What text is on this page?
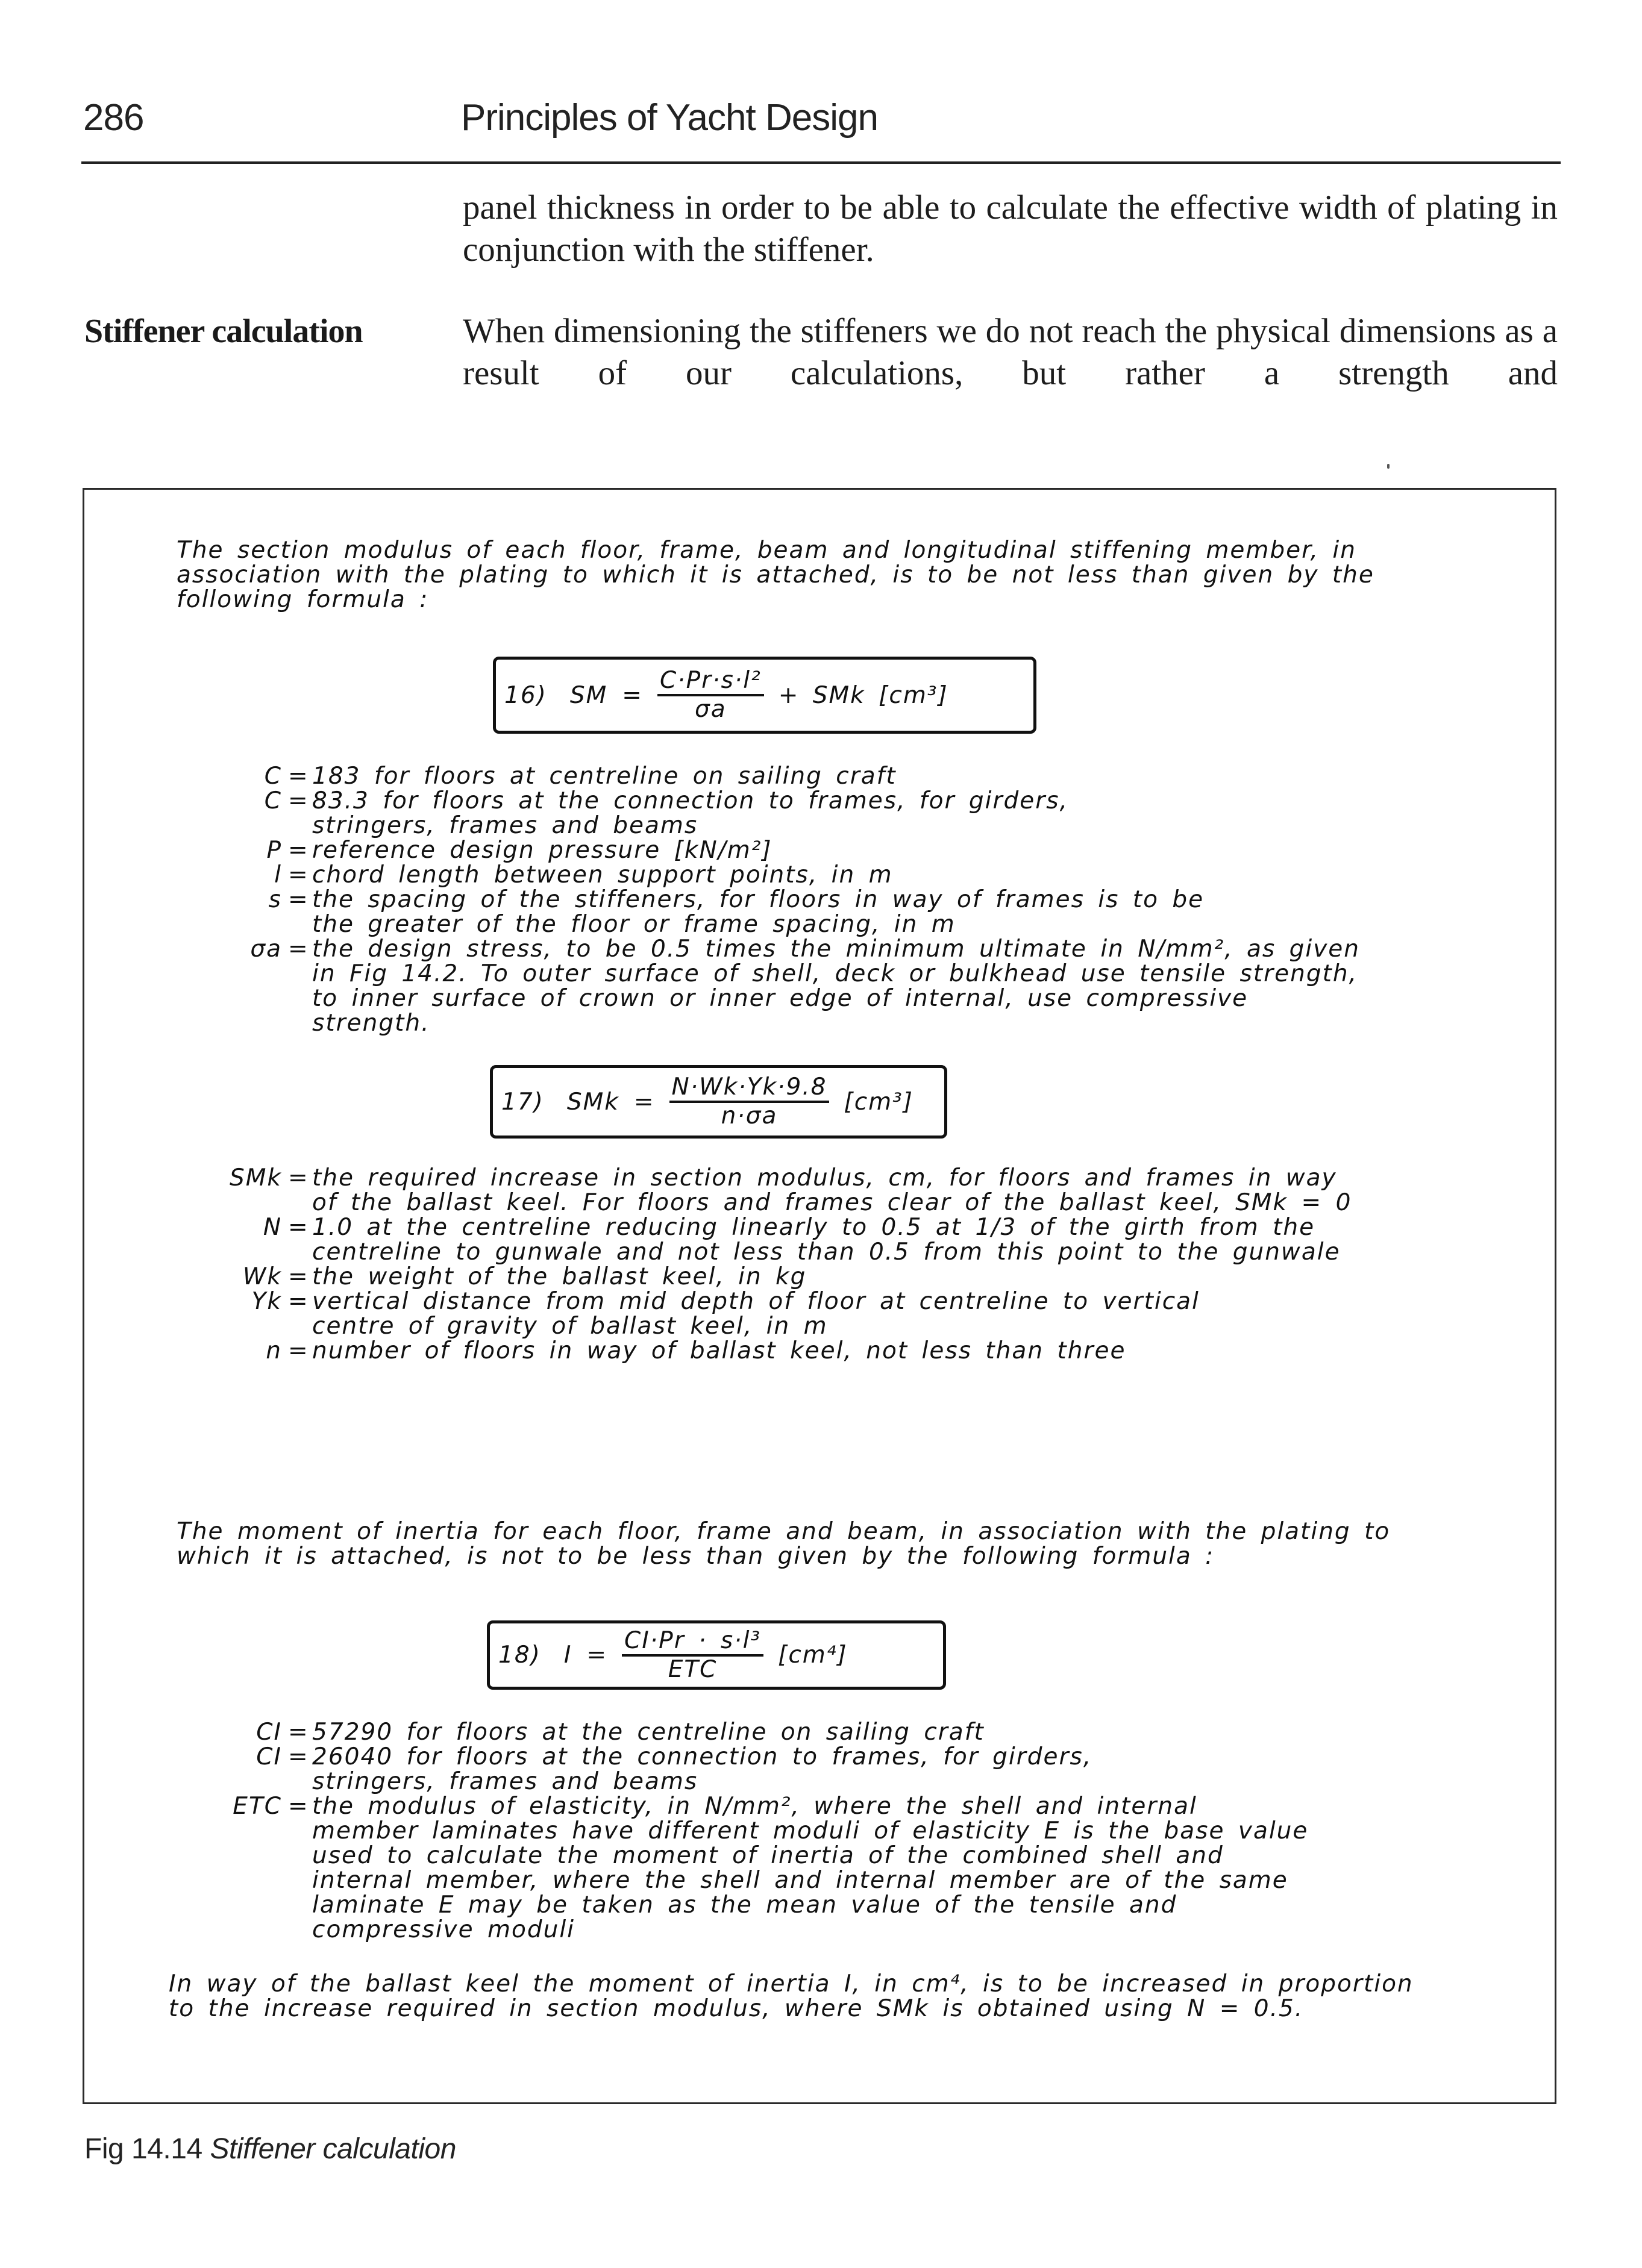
286	Principles of Yacht Design
panel thickness in order to be able to calculate the effective width of plating in conjunction with the stiffener.
Stiffener calculation	When dimensioning the stiffeners we do not reach the physical dimensions as a result of our calculations, but rather a strength and
The section modulus of each floor, frame, beam and longitudinal stiffening member, in association with the plating to which it is attached, is to be not less than given by the following formula :
16) SM = $\frac{\text{C·Pr·s·l²}}{\sigma a}$ + SMk [cm³]
C = 183 for floors at centreline on sailing craft
C = 83.3 for floors at the connection to frames, for girders, stringers, frames and beams
P = reference design pressure [kN/m²]
l = chord length between support points, in m
s = the spacing of the stiffeners, for floors in way of frames is to be the greater of the floor or frame spacing, in m
σa = the design stress, to be 0.5 times the minimum ultimate in N/mm², as given in Fig 14.2. To outer surface of shell, deck or bulkhead use tensile strength, to inner surface of crown or inner edge of internal, use compressive strength.
17) SMk = $\frac{N\cdot Wk\cdot Yk\cdot 9.8}{n\cdot\sigma a} [cm^3]$
SMk = the required increase in section modulus, cm, for floors and frames in way of the ballast keel. For floors and frames clear of the ballast keel, SMk = 0
N = 1.0 at the centreline reducing linearly to 0.5 at 1/3 of the girth from the centreline to gunwale and not less than 0.5 from this point to the gunwale
Wk = the weight of the ballast keel, in kg
Yk = vertical distance from mid depth of floor at centreline to vertical centre of gravity of ballast keel, in m
n = number of floors in way of ballast keel, not less than three
The moment of inertia for each floor, frame and beam, in association with the plating to which it is attached, is not to be less than given by the following formula :
18) $I = \frac{\text{CI·Pr · s·l³}}{\text{ETC}} [cm^4]$
CI = 57290 for floors at the centreline on sailing craft
CI = 26040 for floors at the connection to frames, for girders, stringers, frames and beams
ETC = the modulus of elasticity, in N/mm², where the shell and internal member laminates have different moduli of elasticity E is the base value used to calculate the moment of inertia of the combined shell and internal member, where the shell and internal member are of the same laminate E may be taken as the mean value of the tensile and compressive moduli
In way of the ballast keel the moment of inertia I, in cm⁴, is to be increased in proportion to the increase required in section modulus, where SMk is obtained using N = 0.5.
Fig 14.14 Stiffener calculation
